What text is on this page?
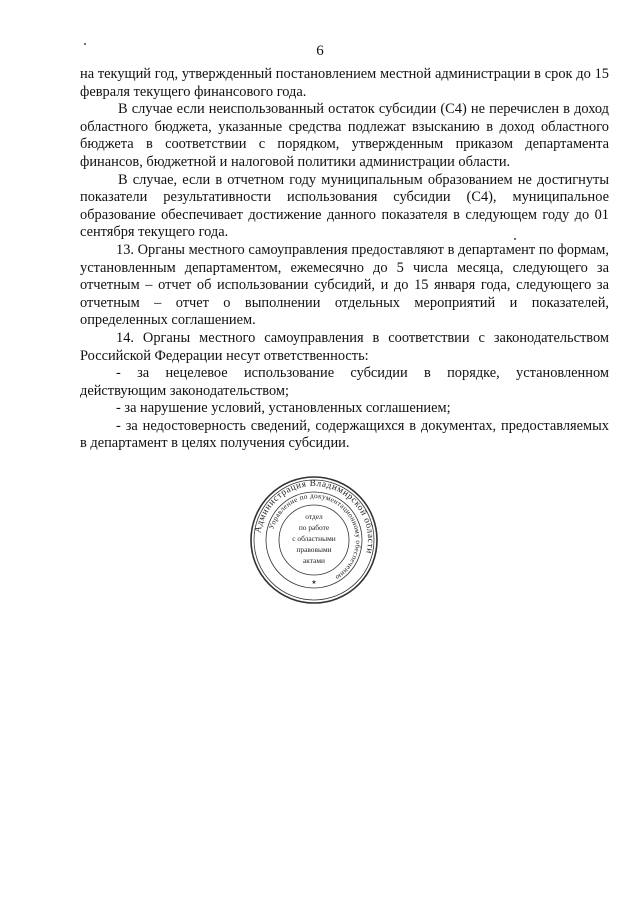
6

на текущий год, утвержденный постановлением местной администрации в срок до 15 февраля текущего финансового года.

В случае если неиспользованный остаток субсидии (С4) не перечислен в доход областного бюджета, указанные средства подлежат взысканию в доход областного бюджета в соответствии с порядком, утвержденным приказом департамента финансов, бюджетной и налоговой политики администрации области.

В случае, если в отчетном году муниципальным образованием не достигнуты показатели результативности использования субсидии (С4), муниципальное образование обеспечивает достижение данного показателя в следующем году до 01 сентября текущего года.

13. Органы местного самоуправления предоставляют в департамент по формам, установленным департаментом, ежемесячно до 5 числа месяца, следующего за отчетным – отчет об использовании субсидий, и до 15 января года, следующего за отчетным – отчет о выполнении отдельных мероприятий и показателей, определенных соглашением.

14. Органы местного самоуправления в соответствии с законодательством Российской Федерации несут ответственность:

- за нецелевое использование субсидии в порядке, установленном действующим законодательством;

- за нарушение условий, установленных соглашением;

- за недостоверность сведений, содержащихся в документах, предоставляемых в департамент в целях получения субсидии.

Администрация Владимирской области
Управление по документационному обеспечению
отдел
по работе
с областными
правовыми
актами
★
